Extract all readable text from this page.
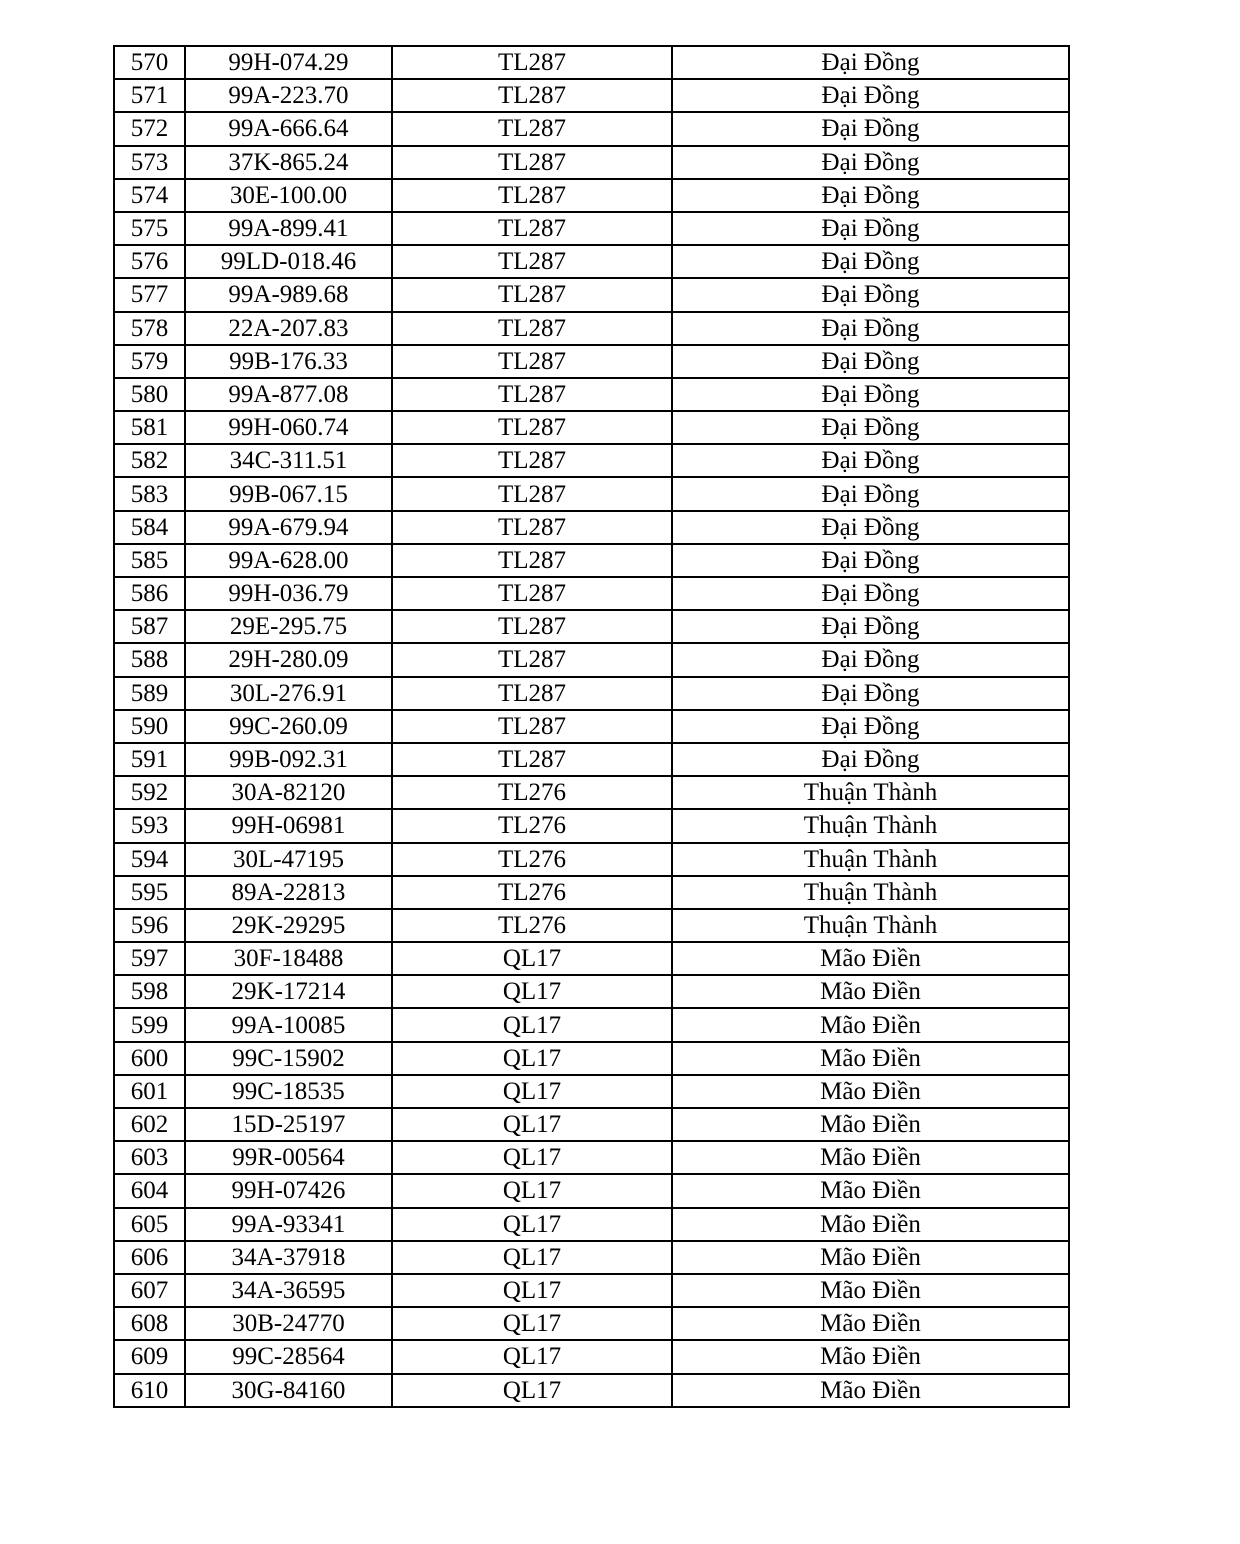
570	99H-074.29	TL287	Đại Đồng
571	99A-223.70	TL287	Đại Đồng
572	99A-666.64	TL287	Đại Đồng
573	37K-865.24	TL287	Đại Đồng
574	30E-100.00	TL287	Đại Đồng
575	99A-899.41	TL287	Đại Đồng
576	99LD-018.46	TL287	Đại Đồng
577	99A-989.68	TL287	Đại Đồng
578	22A-207.83	TL287	Đại Đồng
579	99B-176.33	TL287	Đại Đồng
580	99A-877.08	TL287	Đại Đồng
581	99H-060.74	TL287	Đại Đồng
582	34C-311.51	TL287	Đại Đồng
583	99B-067.15	TL287	Đại Đồng
584	99A-679.94	TL287	Đại Đồng
585	99A-628.00	TL287	Đại Đồng
586	99H-036.79	TL287	Đại Đồng
587	29E-295.75	TL287	Đại Đồng
588	29H-280.09	TL287	Đại Đồng
589	30L-276.91	TL287	Đại Đồng
590	99C-260.09	TL287	Đại Đồng
591	99B-092.31	TL287	Đại Đồng
592	30A-82120	TL276	Thuận Thành
593	99H-06981	TL276	Thuận Thành
594	30L-47195	TL276	Thuận Thành
595	89A-22813	TL276	Thuận Thành
596	29K-29295	TL276	Thuận Thành
597	30F-18488	QL17	Mão Điền
598	29K-17214	QL17	Mão Điền
599	99A-10085	QL17	Mão Điền
600	99C-15902	QL17	Mão Điền
601	99C-18535	QL17	Mão Điền
602	15D-25197	QL17	Mão Điền
603	99R-00564	QL17	Mão Điền
604	99H-07426	QL17	Mão Điền
605	99A-93341	QL17	Mão Điền
606	34A-37918	QL17	Mão Điền
607	34A-36595	QL17	Mão Điền
608	30B-24770	QL17	Mão Điền
609	99C-28564	QL17	Mão Điền
610	30G-84160	QL17	Mão Điền
